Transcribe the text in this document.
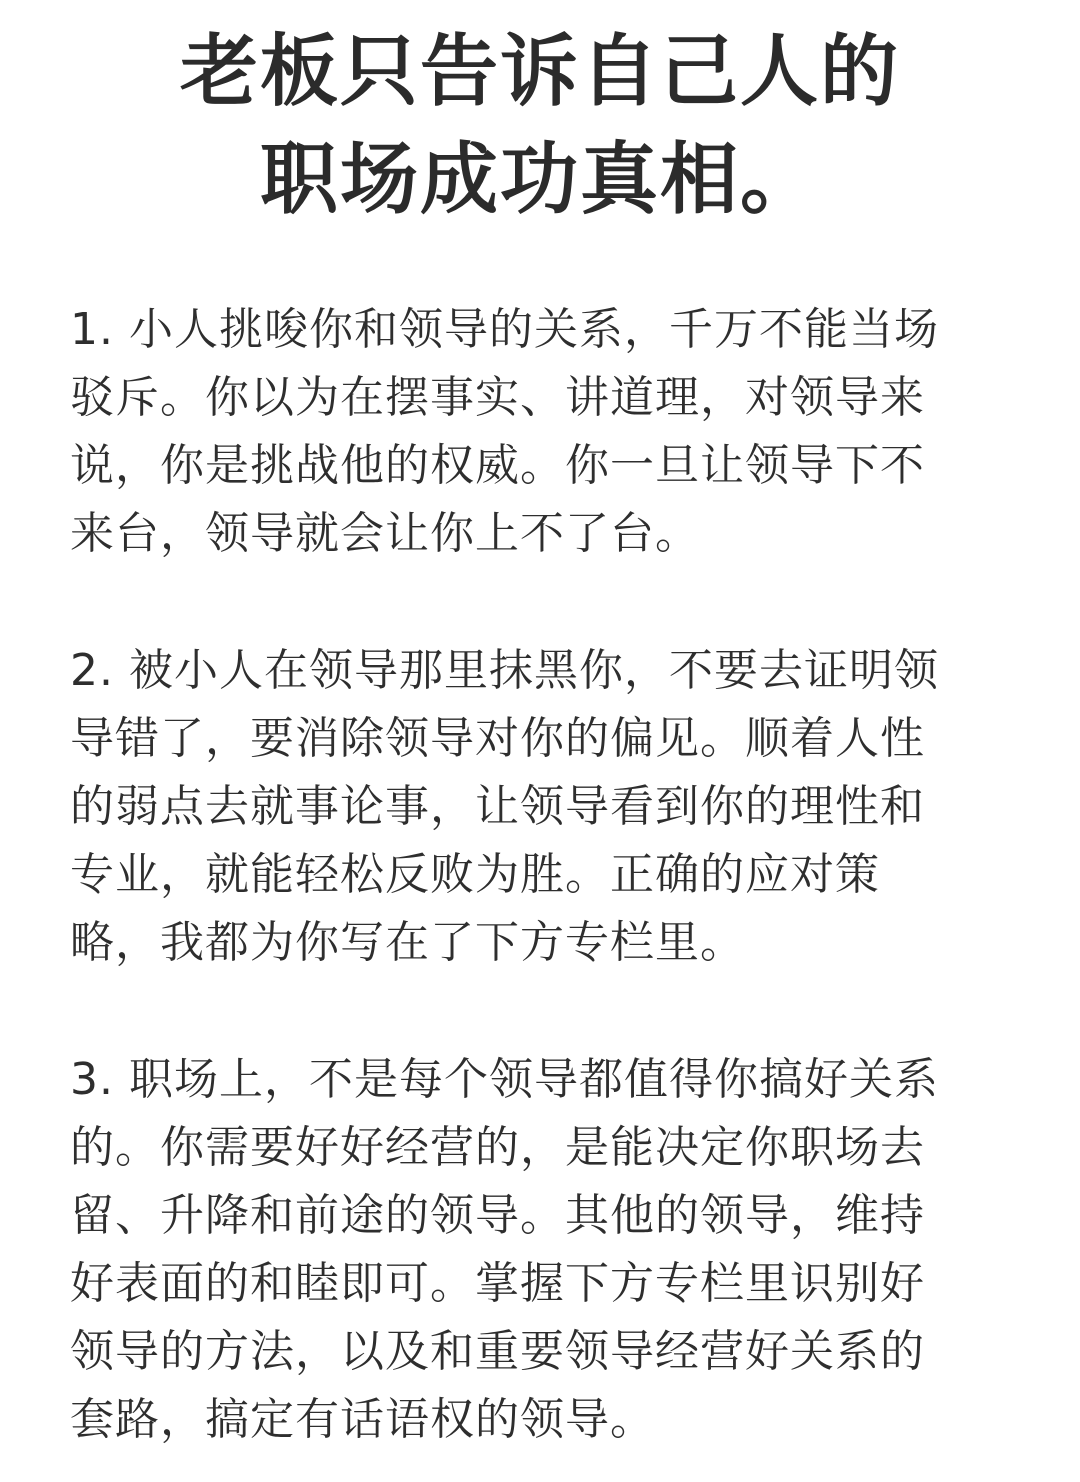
老板只告诉自己人的
职场成功真相。
1. 小人挑唆你和领导的关系，千万不能当场
驳斥。你以为在摆事实、讲道理，对领导来
说，你是挑战他的权威。你一旦让领导下不
来台，领导就会让你上不了台。
2. 被小人在领导那里抹黑你，不要去证明领
导错了，要消除领导对你的偏见。顺着人性
的弱点去就事论事，让领导看到你的理性和
专业，就能轻松反败为胜。正确的应对策
略，我都为你写在了下方专栏里。
3. 职场上，不是每个领导都值得你搞好关系
的。你需要好好经营的，是能决定你职场去
留、升降和前途的领导。其他的领导，维持
好表面的和睦即可。掌握下方专栏里识别好
领导的方法，以及和重要领导经营好关系的
套路，搞定有话语权的领导。
